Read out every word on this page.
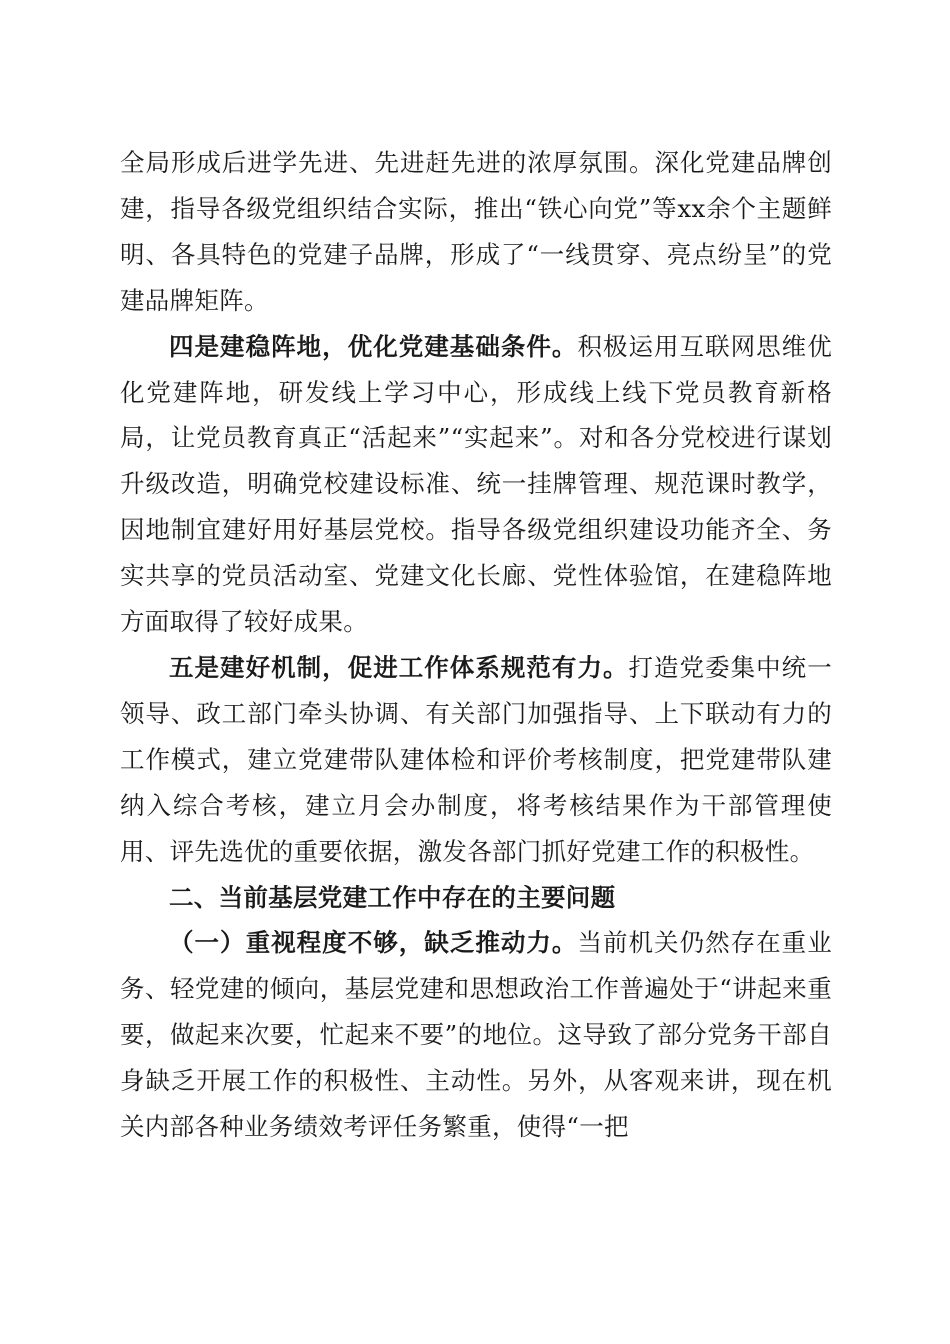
全局形成后进学先进、先进赶先进的浓厚氛围。深化党建品牌创建，指导各级党组织结合实际，推出“铁心向党”等xx余个主题鲜明、各具特色的党建子品牌，形成了“一线贯穿、亮点纷呈”的党建品牌矩阵。

四是建稳阵地，优化党建基础条件。积极运用互联网思维优化党建阵地，研发线上学习中心，形成线上线下党员教育新格局，让党员教育真正“活起来”“实起来”。对和各分党校进行谋划升级改造，明确党校建设标准、统一挂牌管理、规范课时教学，因地制宜建好用好基层党校。指导各级党组织建设功能齐全、务实共享的党员活动室、党建文化长廊、党性体验馆，在建稳阵地方面取得了较好成果。

五是建好机制，促进工作体系规范有力。打造党委集中统一领导、政工部门牵头协调、有关部门加强指导、上下联动有力的工作模式，建立党建带队建体检和评价考核制度，把党建带队建纳入综合考核，建立月会办制度，将考核结果作为干部管理使用、评先选优的重要依据，激发各部门抓好党建工作的积极性。

二、当前基层党建工作中存在的主要问题

（一）重视程度不够，缺乏推动力。当前机关仍然存在重业务、轻党建的倾向，基层党建和思想政治工作普遍处于“讲起来重要，做起来次要，忙起来不要”的地位。这导致了部分党务干部自身缺乏开展工作的积极性、主动性。另外，从客观来讲，现在机关内部各种业务绩效考评任务繁重，使得“一把
